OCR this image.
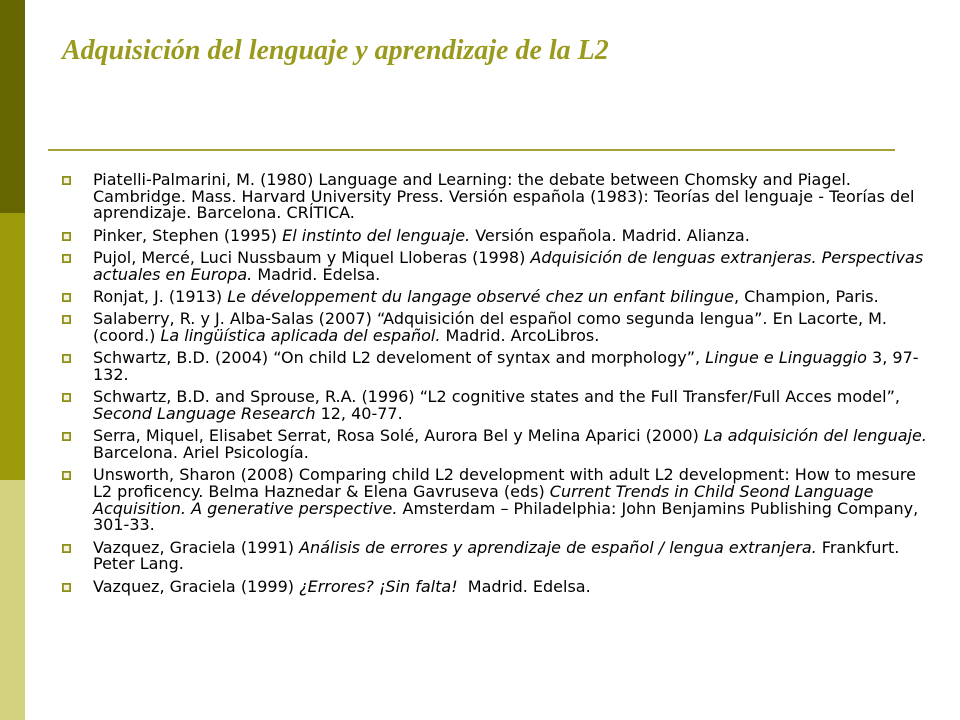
Adquisición del lenguaje y aprendizaje de la L2
Piatelli-Palmarini, M. (1980) Language and Learning: the debate between Chomsky and Piagel. Cambridge. Mass. Harvard University Press. Versión española (1983): Teorías del lenguaje - Teorías del aprendizaje. Barcelona. CRÍTICA.
Pinker, Stephen (1995) El instinto del lenguaje. Versión española. Madrid. Alianza.
Pujol, Mercé, Luci Nussbaum y Miquel Lloberas (1998) Adquisición de lenguas extranjeras. Perspectivas actuales en Europa. Madrid. Edelsa.
Ronjat, J. (1913) Le développement du langage observé chez un enfant bilingue, Champion, Paris.
Salaberry, R. y J. Alba-Salas (2007) “Adquisición del español como segunda lengua”. En Lacorte, M. (coord.) La lingüística aplicada del español. Madrid. ArcoLibros.
Schwartz, B.D. (2004) “On child L2 develoment of syntax and morphology”, Lingue e Linguaggio 3, 97-132.
Schwartz, B.D. and Sprouse, R.A. (1996) “L2 cognitive states and the Full Transfer/Full Acces model”, Second Language Research 12, 40-77.
Serra, Miquel, Elisabet Serrat, Rosa Solé, Aurora Bel y Melina Aparici (2000) La adquisición del lenguaje. Barcelona. Ariel Psicología.
Unsworth, Sharon (2008) Comparing child L2 development with adult L2 development: How to mesure L2 proficency. Belma Haznedar & Elena Gavruseva (eds) Current Trends in Child Seond Language Acquisition. A generative perspective. Amsterdam – Philadelphia: John Benjamins Publishing Company, 301-33.
Vazquez, Graciela (1991) Análisis de errores y aprendizaje de español / lengua extranjera. Frankfurt. Peter Lang.
Vazquez, Graciela (1999) ¿Errores? ¡Sin falta!  Madrid. Edelsa.
